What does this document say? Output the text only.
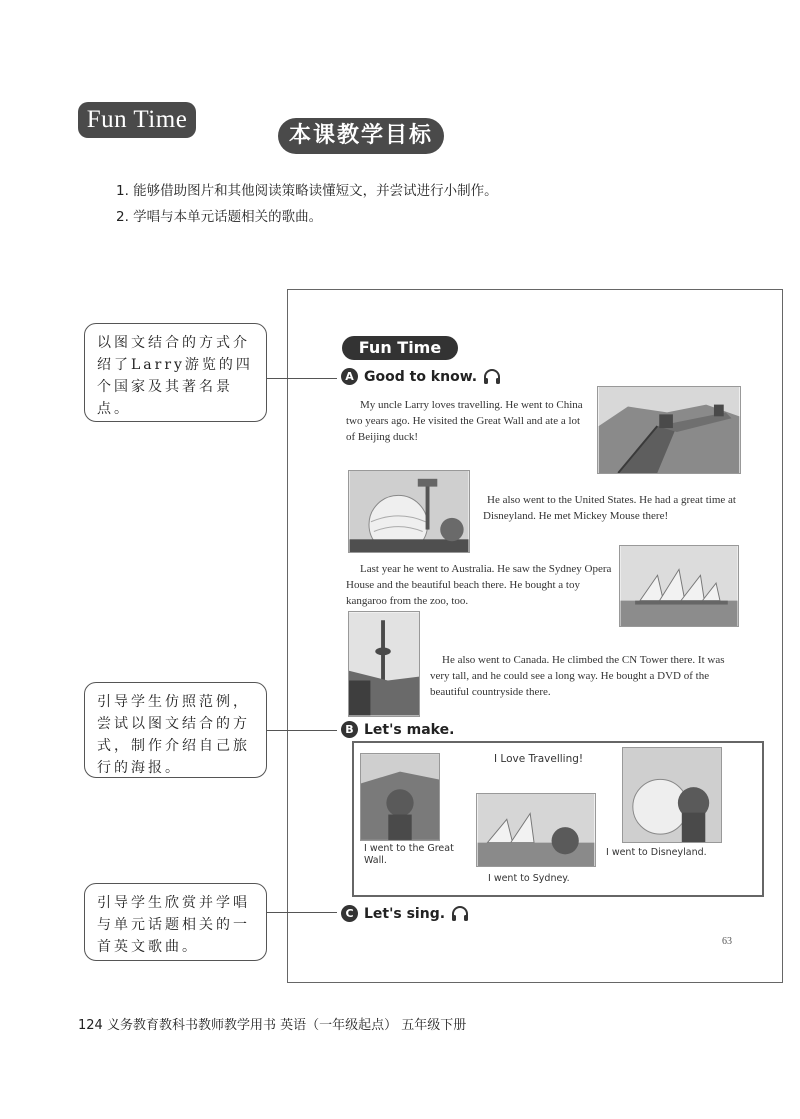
Fun Time
本课教学目标
1. 能够借助图片和其他阅读策略读懂短文，并尝试进行小制作。
2. 学唱与本单元话题相关的歌曲。
以图文结合的方式介绍了Larry游览的四个国家及其著名景点。
引导学生仿照范例，尝试以图文结合的方式，制作介绍自己旅行的海报。
引导学生欣赏并学唱与单元话题相关的一首英文歌曲。
Fun Time
A Good to know.
My uncle Larry loves travelling. He went to China two years ago. He visited the Great Wall and ate a lot of Beijing duck!
He also went to the United States. He had a great time at Disneyland. He met Mickey Mouse there!
Last year he went to Australia. He saw the Sydney Opera House and the beautiful beach there. He bought a toy kangaroo from the zoo, too.
He also went to Canada. He climbed the CN Tower there. It was very tall, and he could see a long way. He bought a DVD of the beautiful countryside there.
B Let's make.
I Love Travelling!
I went to the Great Wall.
I went to Sydney.
I went to Disneyland.
C Let's sing.
63
124 义务教育教科书教师教学用书 英语（一年级起点） 五年级下册
